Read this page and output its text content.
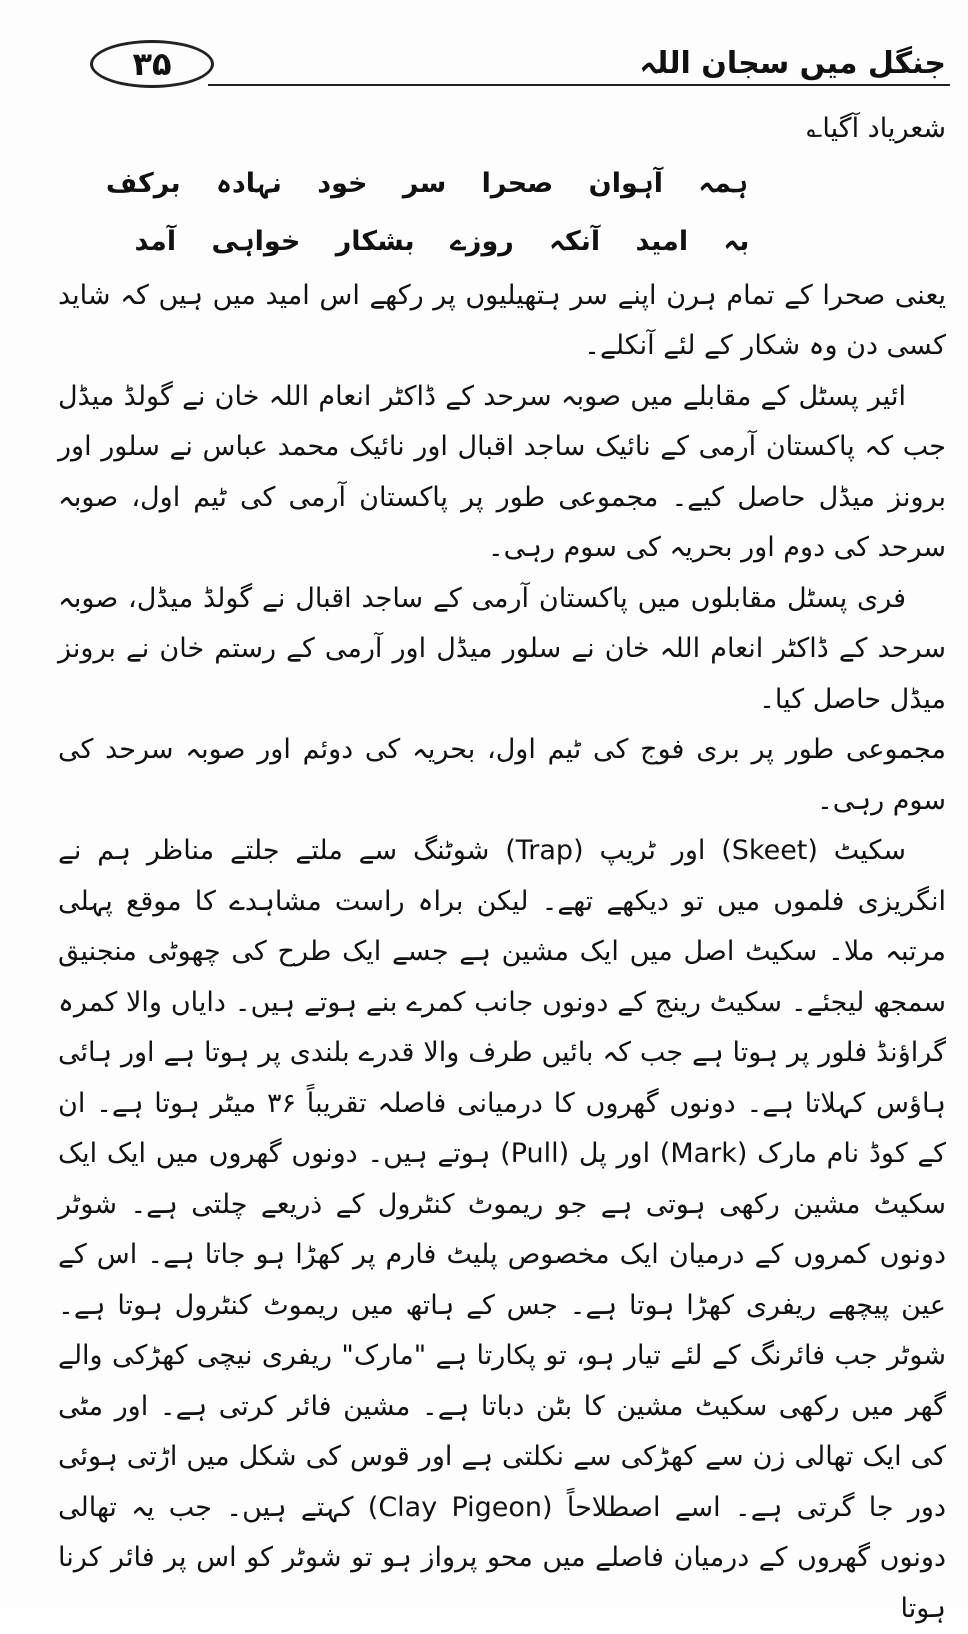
۳۵	جنگل میں سجان اللہ

شعریاد آگیا؎

ہمہ آہوان صحرا سر خود نہادہ برکف

بہ امید آنکہ روزے بشکار خواہی آمد

یعنی صحرا کے تمام ہرن اپنے سر ہتھیلیوں پر رکھے اس امید میں ہیں کہ شاید کسی دن وہ شکار کے لئے آنکلے۔

ائیر پسٹل کے مقابلے میں صوبہ سرحد کے ڈاکٹر انعام اللہ خان نے گولڈ میڈل جب کہ پاکستان آرمی کے نائیک ساجد اقبال اور نائیک محمد عباس نے سلور اور برونز میڈل حاصل کیے۔ مجموعی طور پر پاکستان آرمی کی ٹیم اول، صوبہ سرحد کی دوم اور بحریہ کی سوم رہی۔

فری پسٹل مقابلوں میں پاکستان آرمی کے ساجد اقبال نے گولڈ میڈل، صوبہ سرحد کے ڈاکٹر انعام اللہ خان نے سلور میڈل اور آرمی کے رستم خان نے برونز میڈل حاصل کیا۔

مجموعی طور پر بری فوج کی ٹیم اول، بحریہ کی دوئم اور صوبہ سرحد کی سوم رہی۔

سکیٹ (Skeet) اور ٹریپ (Trap) شوٹنگ سے ملتے جلتے مناظر ہم نے انگریزی فلموں میں تو دیکھے تھے۔ لیکن براہ راست مشاہدے کا موقع پہلی مرتبہ ملا۔ سکیٹ اصل میں ایک مشین ہے جسے ایک طرح کی چھوٹی منجنیق سمجھ لیجئے۔ سکیٹ رینج کے دونوں جانب کمرے بنے ہوتے ہیں۔ دایاں والا کمرہ گراؤنڈ فلور پر ہوتا ہے جب کہ بائیں طرف والا قدرے بلندی پر ہوتا ہے اور ہائی ہاؤس کہلاتا ہے۔ دونوں گھروں کا درمیانی فاصلہ تقریباً ۳۶ میٹر ہوتا ہے۔ ان کے کوڈ نام مارک (Mark) اور پل (Pull) ہوتے ہیں۔ دونوں گھروں میں ایک ایک سکیٹ مشین رکھی ہوتی ہے جو ریموٹ کنٹرول کے ذریعے چلتی ہے۔ شوٹر دونوں کمروں کے درمیان ایک مخصوص پلیٹ فارم پر کھڑا ہو جاتا ہے۔ اس کے عین پیچھے ریفری کھڑا ہوتا ہے۔ جس کے ہاتھ میں ریموٹ کنٹرول ہوتا ہے۔ شوٹر جب فائرنگ کے لئے تیار ہو، تو پکارتا ہے "مارک" ریفری نیچی کھڑکی والے گھر میں رکھی سکیٹ مشین کا بٹن دباتا ہے۔ مشین فائر کرتی ہے۔ اور مٹی کی ایک تھالی زن سے کھڑکی سے نکلتی ہے اور قوس کی شکل میں اڑتی ہوئی دور جا گرتی ہے۔ اسے اصطلاحاً (Clay Pigeon) کہتے ہیں۔ جب یہ تھالی دونوں گھروں کے درمیان فاصلے میں محو پرواز ہو تو شوٹر کو اس پر فائر کرنا ہوتا
